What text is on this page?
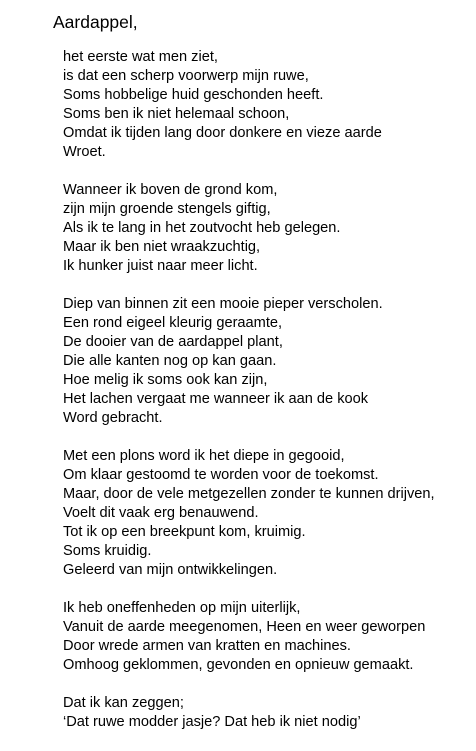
Aardappel,
het eerste wat men ziet,
is dat een scherp voorwerp mijn ruwe,
Soms hobbelige huid geschonden heeft.
Soms ben ik niet helemaal schoon,
Omdat ik tijden lang door donkere en vieze aarde
Wroet.
Wanneer ik boven de grond kom,
zijn mijn groende stengels giftig,
Als ik te lang in het zoutvocht heb gelegen.
Maar ik ben niet wraakzuchtig,
Ik hunker juist naar meer licht.
Diep van binnen zit een mooie pieper verscholen.
Een rond eigeel kleurig geraamte,
De dooier van de aardappel plant,
Die alle kanten nog op kan gaan.
Hoe melig ik soms ook kan zijn,
Het lachen vergaat me wanneer ik aan de kook
Word gebracht.
Met een plons word ik het diepe in gegooid,
Om klaar gestoomd te worden voor de toekomst.
Maar, door de vele metgezellen zonder te kunnen drijven,
Voelt dit vaak erg benauwend.
Tot ik op een breekpunt kom, kruimig.
Soms kruidig.
Geleerd van mijn ontwikkelingen.
Ik heb oneffenheden op mijn uiterlijk,
Vanuit de aarde meegenomen, Heen en weer geworpen
Door wrede armen van kratten en machines.
Omhoog geklommen, gevonden en opnieuw gemaakt.
Dat ik kan zeggen;
‘Dat ruwe modder jasje? Dat heb ik niet nodig’
